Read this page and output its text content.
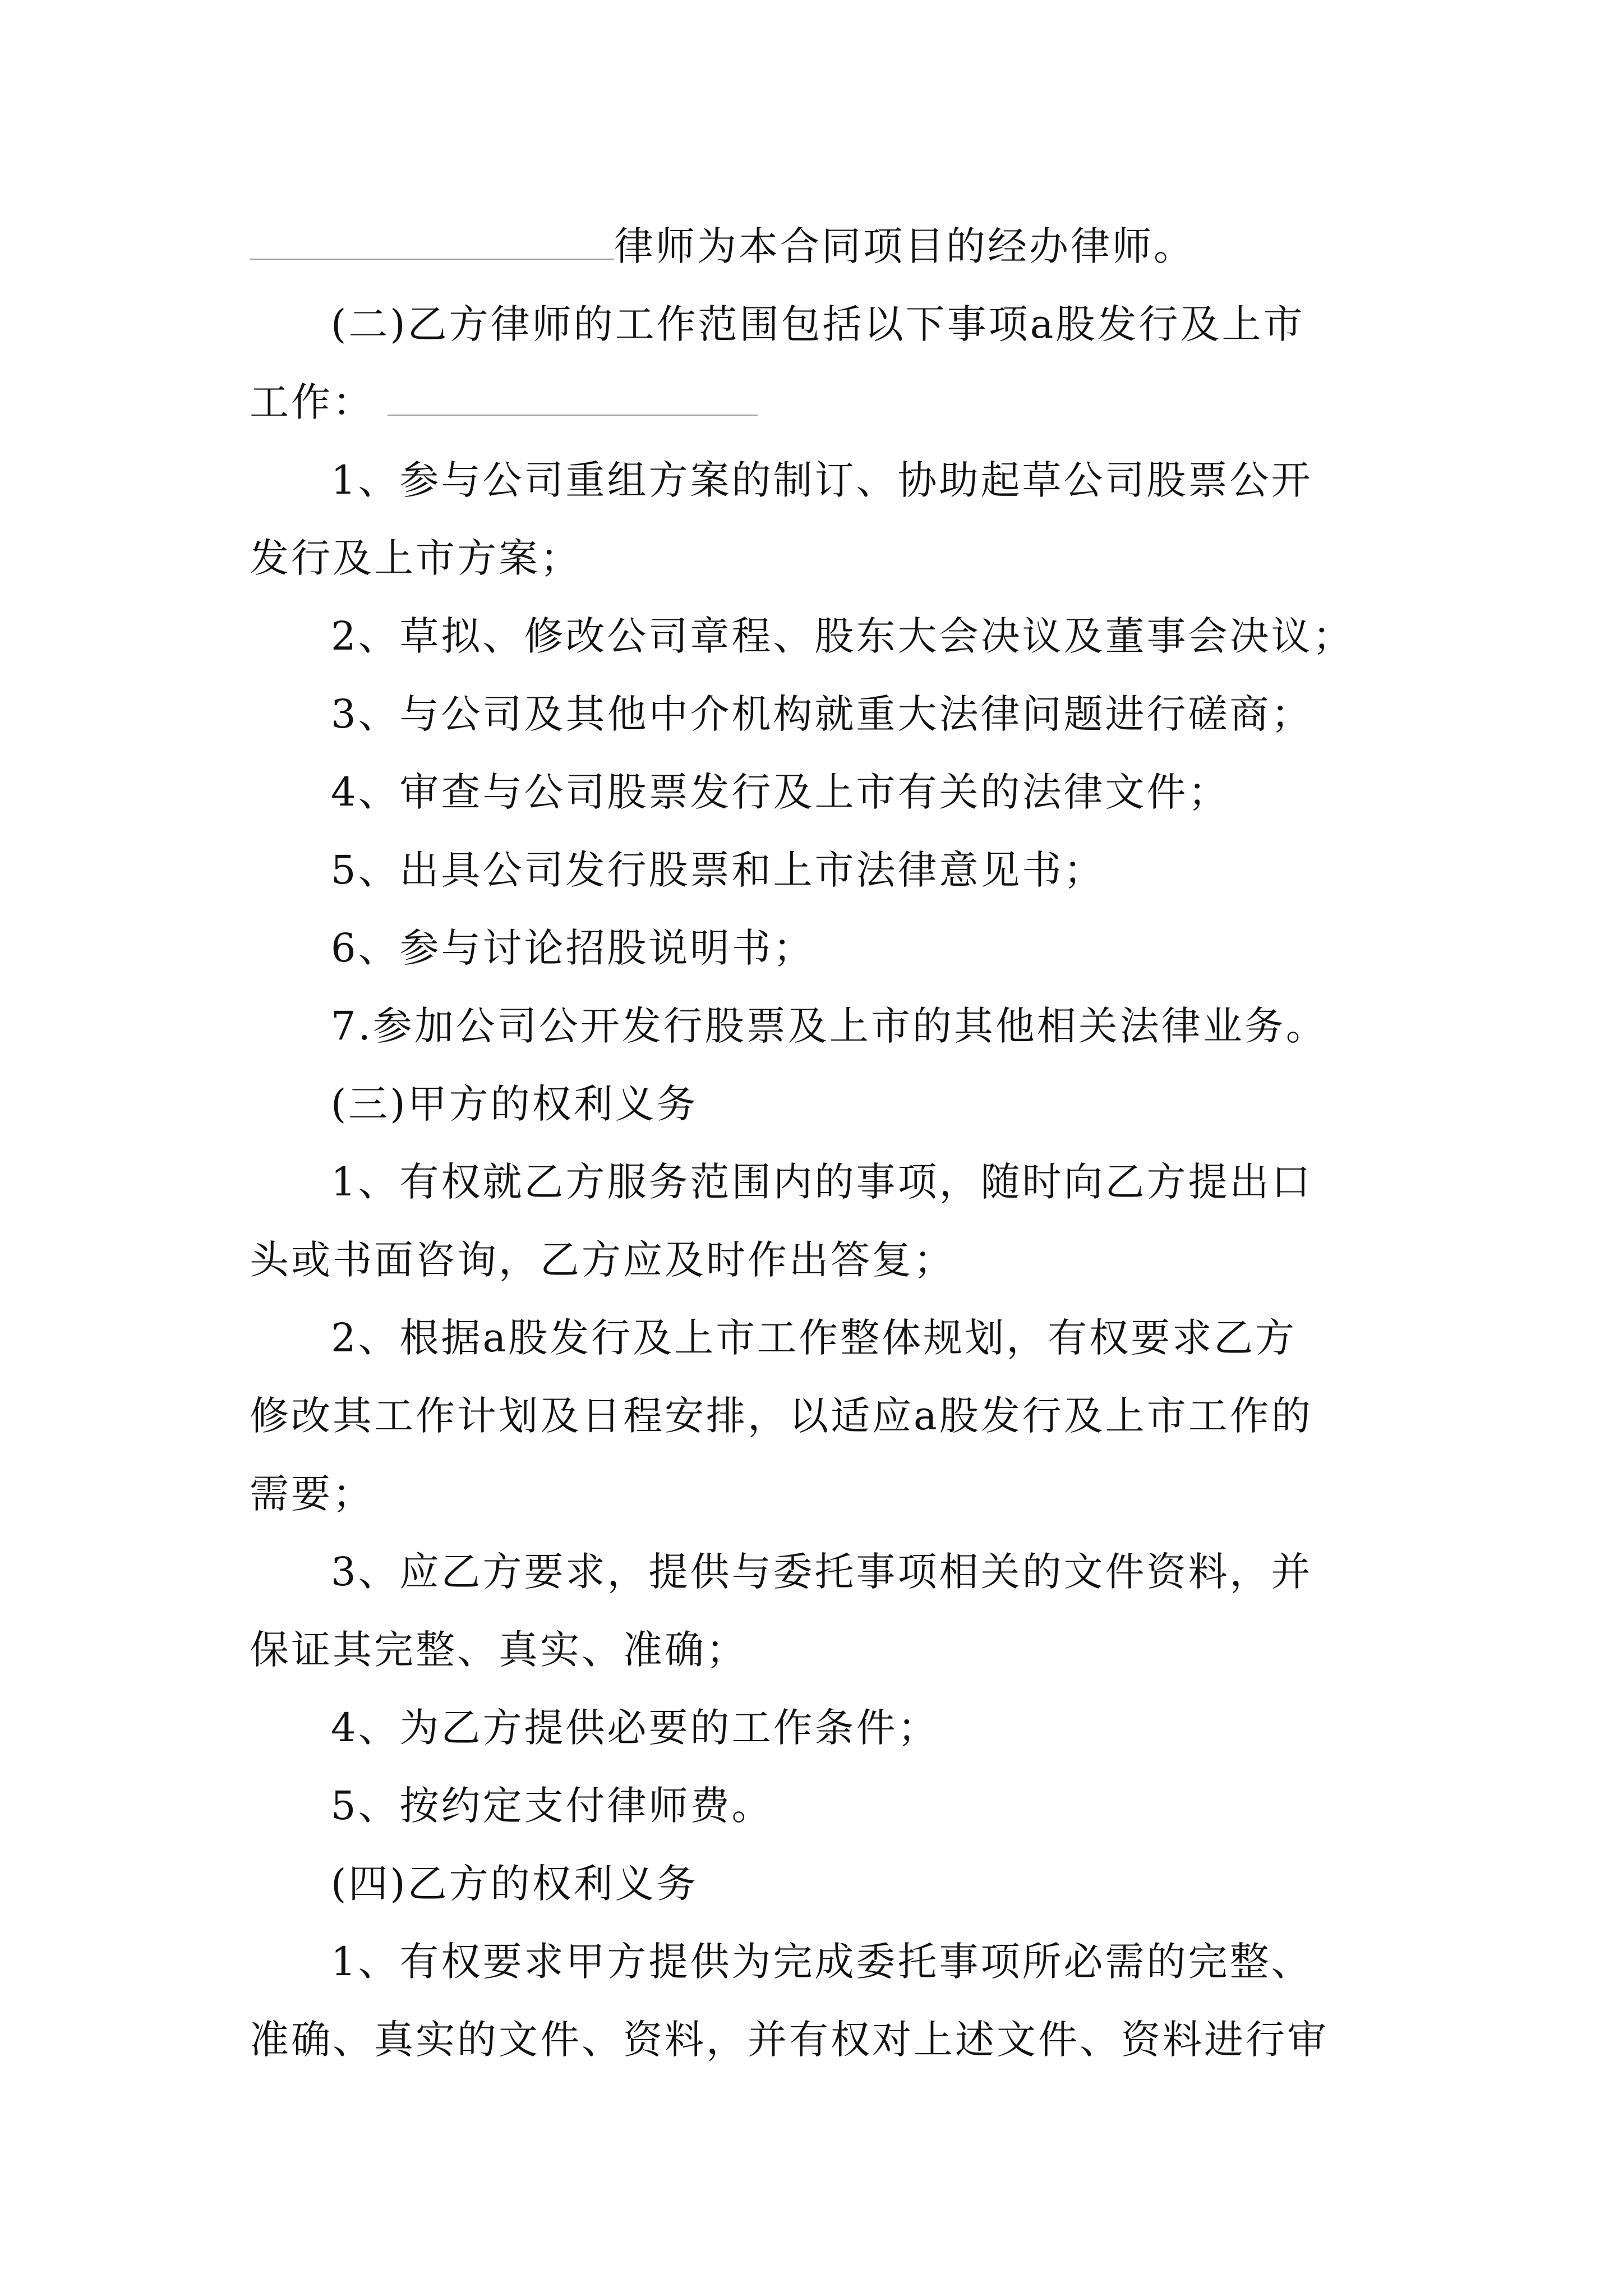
律师为本合同项目的经办律师。
(二)乙方律师的工作范围包括以下事项a股发行及上市
工作：
1、参与公司重组方案的制订、协助起草公司股票公开
发行及上市方案；
2、草拟、修改公司章程、股东大会决议及董事会决议；
3、与公司及其他中介机构就重大法律问题进行磋商；
4、审查与公司股票发行及上市有关的法律文件；
5、出具公司发行股票和上市法律意见书；
6、参与讨论招股说明书；
7.参加公司公开发行股票及上市的其他相关法律业务。
(三)甲方的权利义务
1、有权就乙方服务范围内的事项，随时向乙方提出口
头或书面咨询，乙方应及时作出答复；
2、根据a股发行及上市工作整体规划，有权要求乙方
修改其工作计划及日程安排，以适应a股发行及上市工作的
需要；
3、应乙方要求，提供与委托事项相关的文件资料，并
保证其完整、真实、准确；
4、为乙方提供必要的工作条件；
5、按约定支付律师费。
(四)乙方的权利义务
1、有权要求甲方提供为完成委托事项所必需的完整、
准确、真实的文件、资料，并有权对上述文件、资料进行审
